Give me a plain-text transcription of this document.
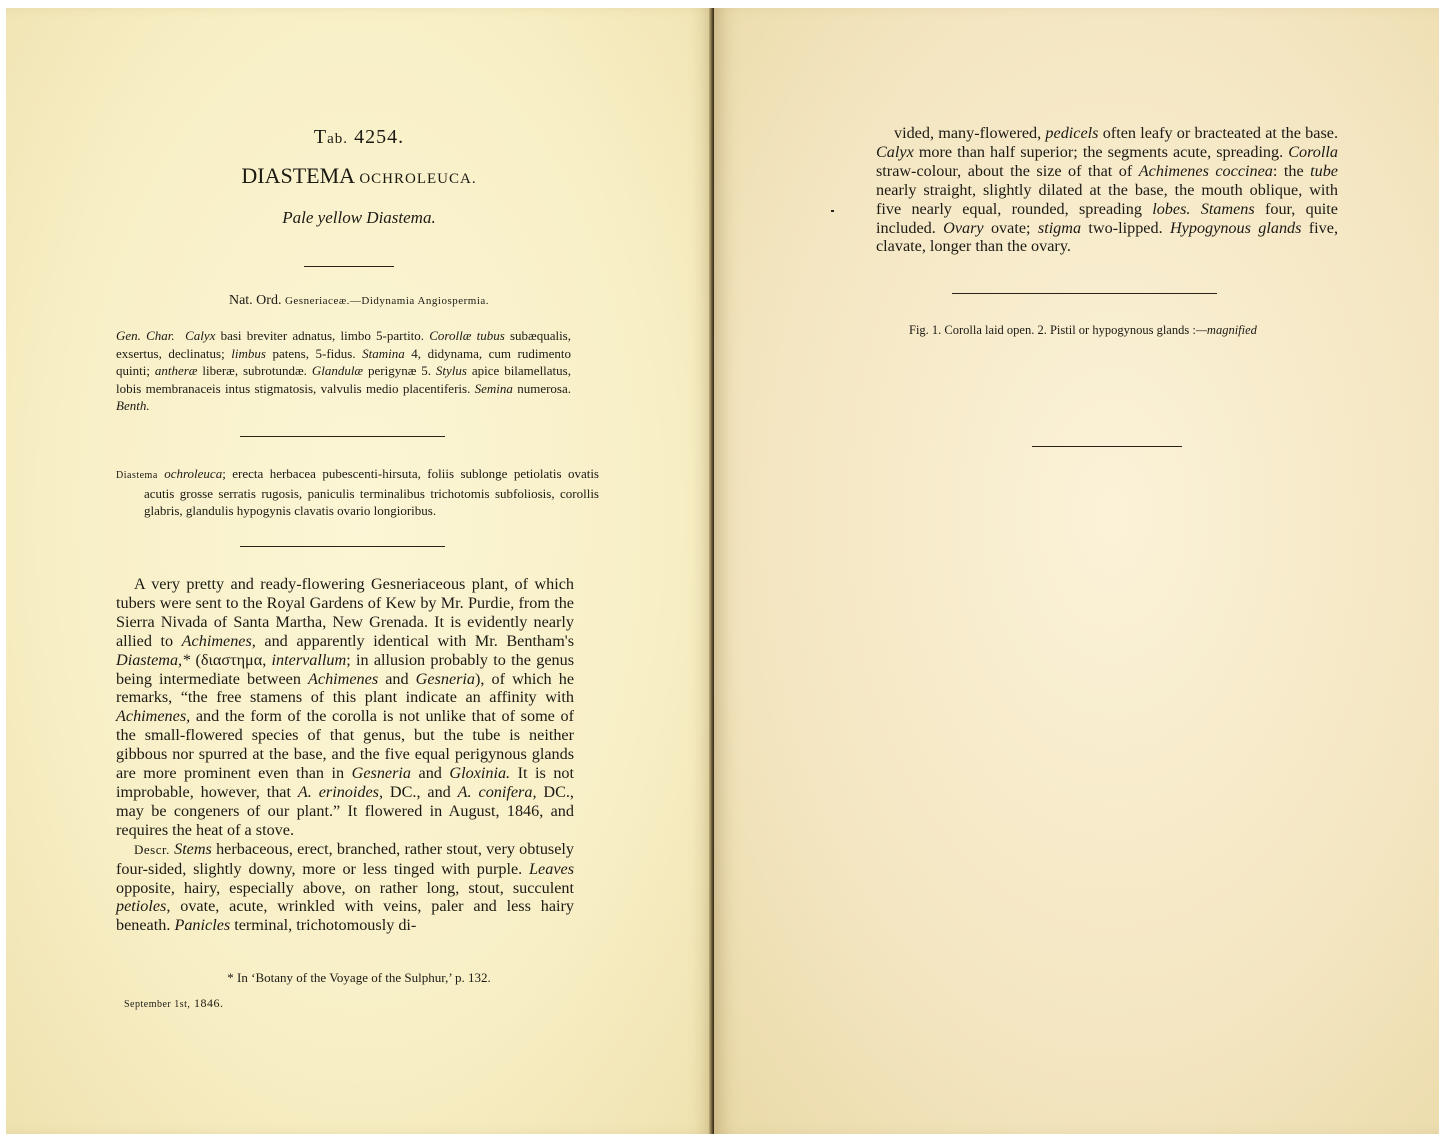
Tab. 4254.
DIASTEMA OCHROLEUCA.
Pale yellow Diastema.
Nat. Ord. Gesneriaceæ.—Didynamia Angiospermia.
Gen. Char. Calyx basi breviter adnatus, limbo 5-partito. Corollæ tubus subæqualis, exsertus, declinatus; limbus patens, 5-fidus. Stamina 4, didynama, cum rudimento quinti; antheræ liberæ, subrotundæ. Glandulæ perigynæ 5. Stylus apice bilamellatus, lobis membranaceis intus stigmatosis, valvulis medio placentiferis. Semina numerosa. Benth.
Diastema ochroleuca; erecta herbacea pubescenti-hirsuta, foliis sublonge petiolatis ovatis acutis grosse serratis rugosis, paniculis terminalibus trichotomis subfoliosis, corollis glabris, glandulis hypogynis clavatis ovario longioribus.

A very pretty and ready-flowering Gesneriaceous plant, of which tubers were sent to the Royal Gardens of Kew by Mr. Purdie, from the Sierra Nivada of Santa Martha, New Grenada. It is evidently nearly allied to Achimenes, and apparently identical with Mr. Bentham's Diastema,* (διαστημα, intervallum; in allusion probably to the genus being intermediate between Achimenes and Gesneria), of which he remarks, “the free stamens of this plant indicate an affinity with Achimenes, and the form of the corolla is not unlike that of some of the small-flowered species of that genus, but the tube is neither gibbous nor spurred at the base, and the five equal perigynous glands are more prominent even than in Gesneria and Gloxinia. It is not improbable, however, that A. erinoides, DC., and A. conifera, DC., may be congeners of our plant.” It flowered in August, 1846, and requires the heat of a stove.

Descr. Stems herbaceous, erect, branched, rather stout, very obtusely four-sided, slightly downy, more or less tinged with purple. Leaves opposite, hairy, especially above, on rather long, stout, succulent petioles, ovate, acute, wrinkled with veins, paler and less hairy beneath. Panicles terminal, trichotomously di-

* In ‘Botany of the Voyage of the Sulphur,’ p. 132.
September 1st, 1846.

vided, many-flowered, pedicels often leafy or bracteated at the base. Calyx more than half superior; the segments acute, spreading. Corolla straw-colour, about the size of that of Achimenes coccinea: the tube nearly straight, slightly dilated at the base, the mouth oblique, with five nearly equal, rounded, spreading lobes. Stamens four, quite included. Ovary ovate; stigma two-lipped. Hypogynous glands five, clavate, longer than the ovary.

Fig. 1. Corolla laid open. 2. Pistil or hypogynous glands :—magnified
